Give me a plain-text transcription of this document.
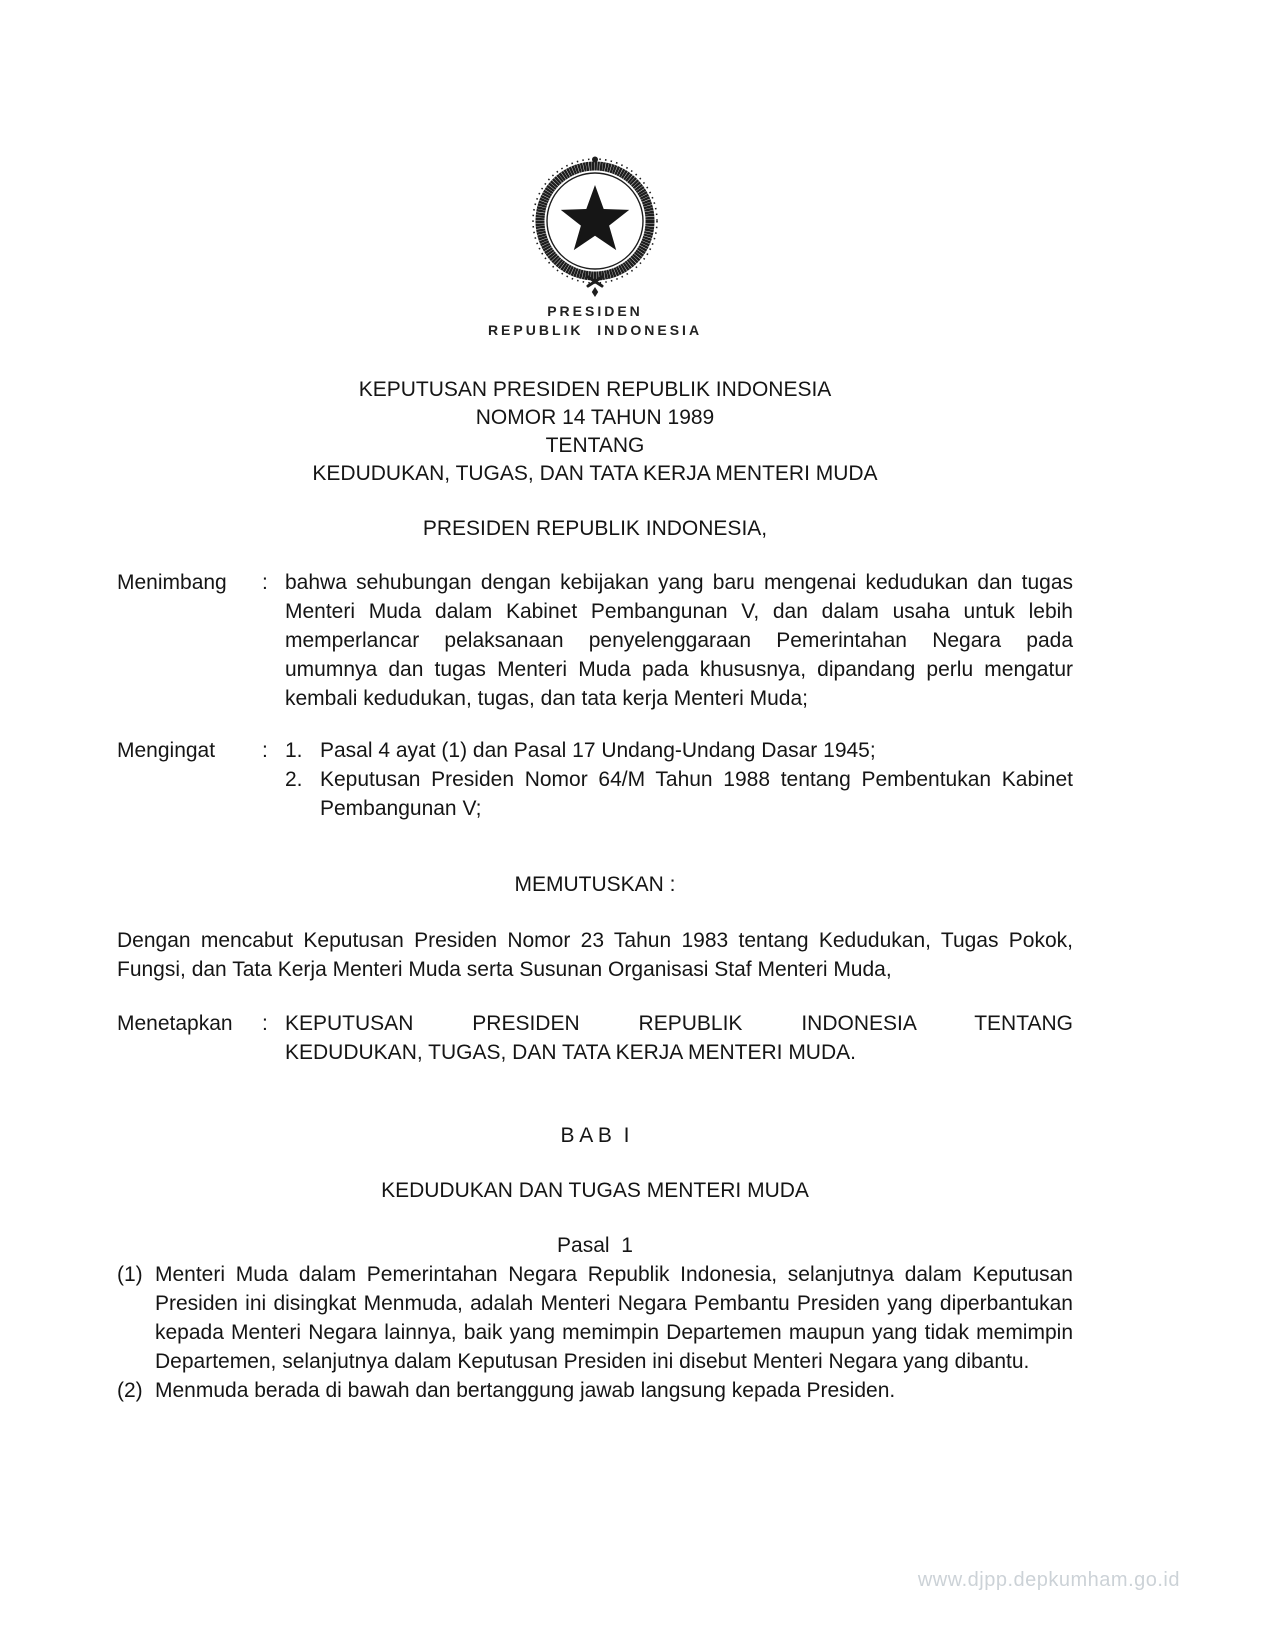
PRESIDEN
REPUBLIK  INDONESIA
KEPUTUSAN PRESIDEN REPUBLIK INDONESIA
NOMOR 14 TAHUN 1989
TENTANG
KEDUDUKAN, TUGAS, DAN TATA KERJA MENTERI MUDA
PRESIDEN REPUBLIK INDONESIA,
Menimbang	: bahwa sehubungan dengan kebijakan yang baru mengenai kedudukan dan tugas Menteri Muda dalam Kabinet Pembangunan V, dan dalam usaha untuk lebih memperlancar pelaksanaan penyelenggaraan Pemerintahan Negara pada umumnya dan tugas Menteri Muda pada khususnya, dipandang perlu mengatur kembali kedudukan, tugas, dan tata kerja Menteri Muda;
Mengingat	: 1. Pasal 4 ayat (1) dan Pasal 17 Undang-Undang Dasar 1945;
2. Keputusan Presiden Nomor 64/M Tahun 1988 tentang Pembentukan Kabinet Pembangunan V;
MEMUTUSKAN :

Dengan mencabut Keputusan Presiden Nomor 23 Tahun 1983 tentang Kedudukan, Tugas Pokok, Fungsi, dan Tata Kerja Menteri Muda serta Susunan Organisasi Staf Menteri Muda,

Menetapkan	: KEPUTUSAN PRESIDEN REPUBLIK INDONESIA TENTANG
KEDUDUKAN, TUGAS, DAN TATA KERJA MENTERI MUDA.
B A B  I
KEDUDUKAN DAN TUGAS MENTERI MUDA
Pasal  1
(1) Menteri Muda dalam Pemerintahan Negara Republik Indonesia, selanjutnya dalam Keputusan Presiden ini disingkat Menmuda, adalah Menteri Negara Pembantu Presiden yang diperbantukan kepada Menteri Negara lainnya, baik yang memimpin Departemen maupun yang tidak memimpin Departemen, selanjutnya dalam Keputusan Presiden ini disebut Menteri Negara yang dibantu.
(2) Menmuda berada di bawah dan bertanggung jawab langsung kepada Presiden.
www.djpp.depkumham.go.id
